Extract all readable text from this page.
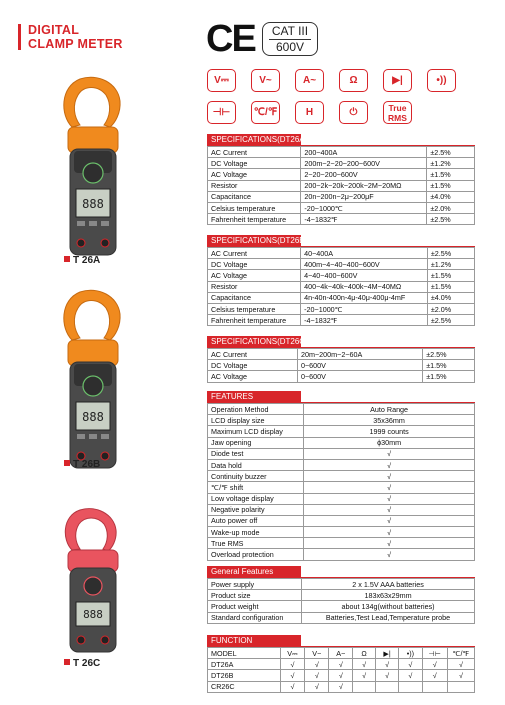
DIGITAL
CLAMP METER CE CAT III
600V
V⎓	V~	A~	Ω	▶|	•))
⊣⊢	℃/℉	H	⏻	True RMS
888
T 26A
888
T 26B
888
T 26C
SPECIFICATIONS(DT26A)
AC Current	200~400A	±2.5%
DC Voltage	200m~2~20~200~600V	±1.2%
AC Voltage	2~20~200~600V	±1.5%
Resistor	200~2k~20k~200k~2M~20MΩ	±1.5%
Capacitance	20n~200n~2μ~200μF	±4.0%
Celsius temperature	-20~1000℃	±2.0%
Fahrenheit temperature	-4~1832℉	±2.5%
SPECIFICATIONS(DT26B)
AC Current	40~400A	±2.5%
DC Voltage	400m~4~40~400~600V	±1.2%
AC Voltage	4~40~400~600V	±1.5%
Resistor	400~4k~40k~400k~4M~40MΩ	±1.5%
Capacitance	4n-40n-400n-4μ-40μ-400μ-4mF	±4.0%
Celsius temperature	-20~1000℃	±2.0%
Fahrenheit temperature	-4~1832℉	±2.5%
SPECIFICATIONS(DT26C)
AC Current	20m~200m~2~60A	±2.5%
DC Voltage	0~600V	±1.5%
AC Voltage	0~600V	±1.5%
FEATURES
Operation Method	Auto Range
LCD display size	35x36mm
Maximum LCD display	1999 counts
Jaw opening	ϕ30mm
Diode test	√
Data hold	√
Continuity buzzer	√
℃/℉ shift	√
Low voltage display	√
Negative polarity	√
Auto power off	√
Wake-up mode	√
True RMS	√
Overload protection	√
General Features
Power supply	2 x 1.5V AAA batteries
Product size	183x63x29mm
Product weight	about 134g(without batteries)
Standard configuration	Batteries,Test Lead,Temperature probe
FUNCTION
MODEL	V⎓	V~	A~	Ω	▶|	•))	⊣⊢	℃/℉
DT26A	√	√	√	√	√	√	√	√
DT26B	√	√	√	√	√	√	√	√
CR26C	√	√	√					
